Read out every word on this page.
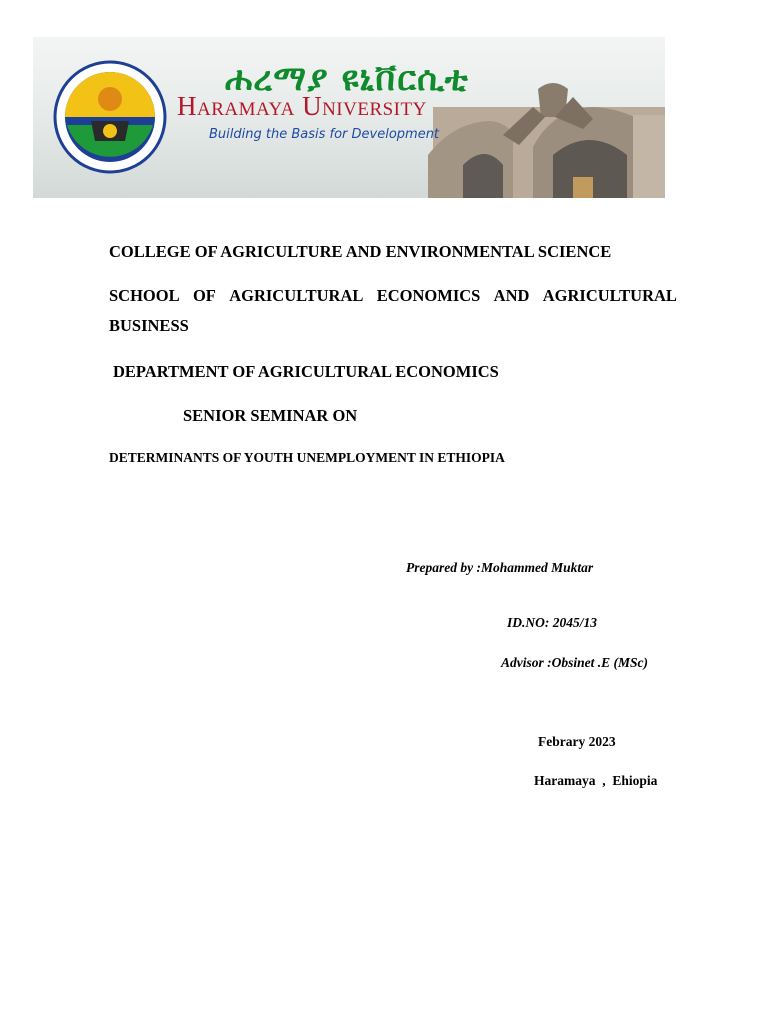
ሐረማያ ዩኒቨርሲቲ
Haramaya University
Building the Basis for Development

COLLEGE OF AGRICULTURE AND ENVIRONMENTAL SCIENCE

SCHOOL OF AGRICULTURAL ECONOMICS AND AGRICULTURAL

BUSINESS

DEPARTMENT OF AGRICULTURAL ECONOMICS

SENIOR SEMINAR ON

DETERMINANTS OF YOUTH UNEMPLOYMENT IN ETHIOPIA

Prepared by :Mohammed Muktar

ID.NO: 2045/13

Advisor :Obsinet .E (MSc)

Febrary 2023

Haramaya  ,  Ehiopia
